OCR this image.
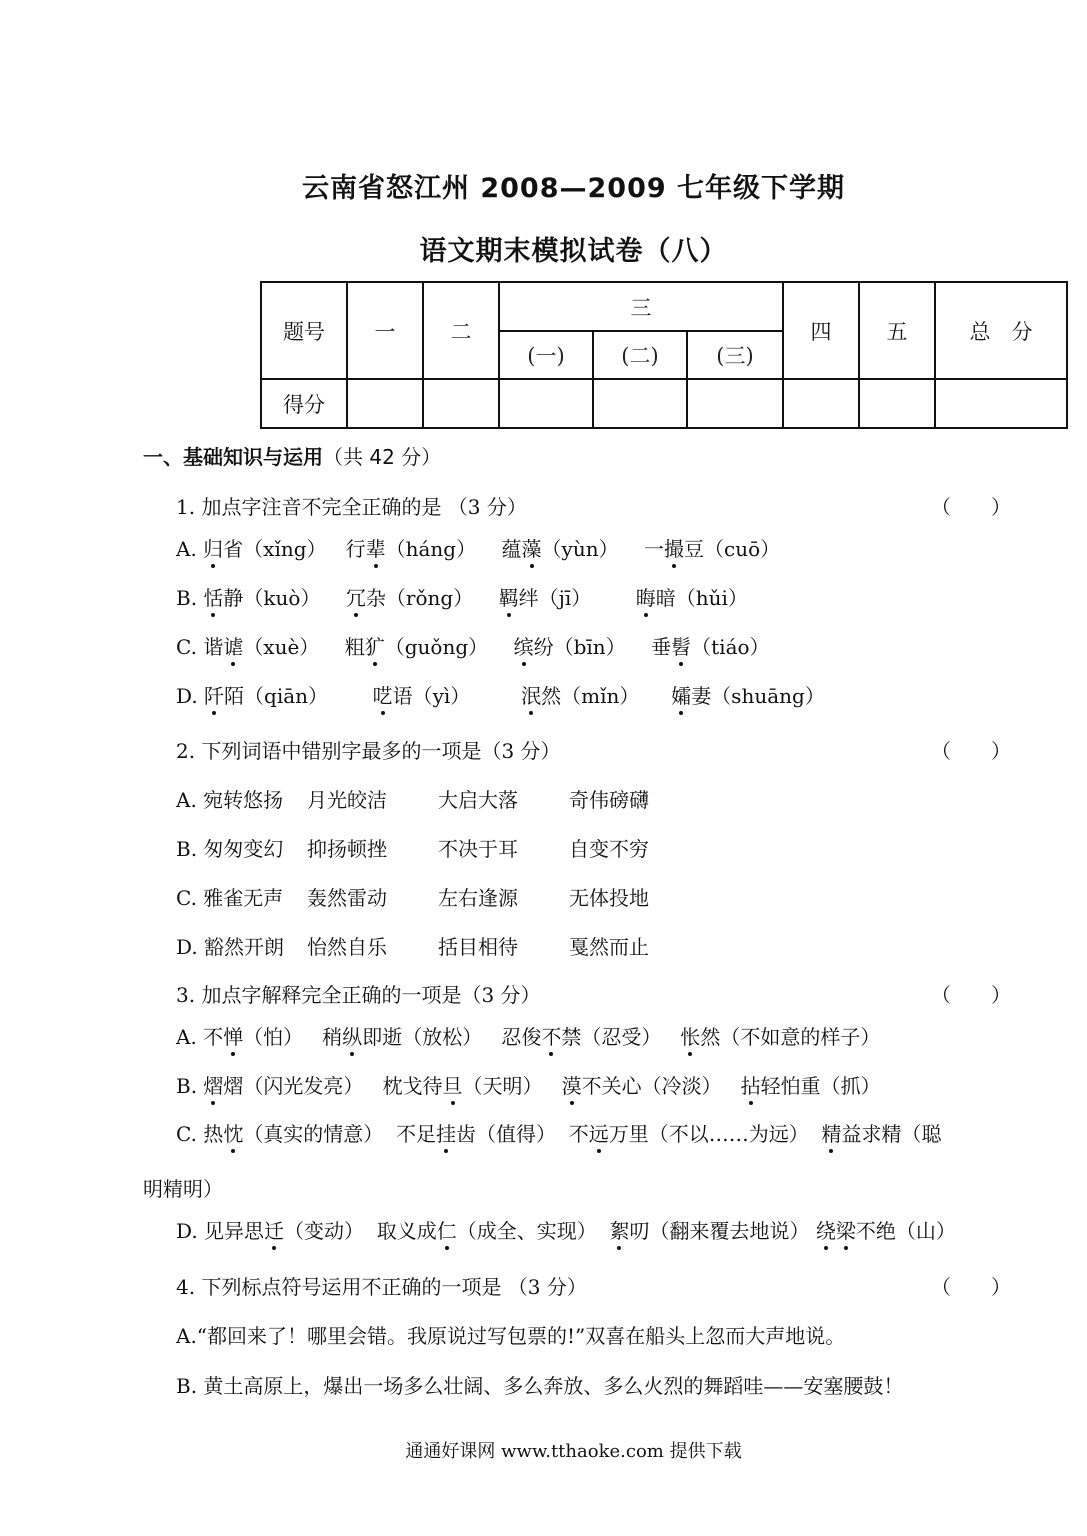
云南省怒江州 2008—2009 七年级下学期
语文期末模拟试卷（八）
题号	一	二	三			四	五	总　分
			(一)	(二)	(三)			
得分								
一、基础知识与运用（共 42 分）
1. 加点字注音不完全正确的是 （3 分）	（　　）
A. 归省（xǐng） 行辈（háng） 蕴藻（yùn） 一撮豆（cuō）
B. 恬静（kuò） 冗杂（rǒng） 羁绊（jī） 晦暗（hǔi）
C. 谐谑（xuè） 粗犷（guǒng） 缤纷（bīn） 垂髫（tiáo）
D. 阡陌（qiān） 呓语（yì）	泯然（mǐn） 孀妻（shuāng）
2. 下列词语中错别字最多的一项是（3 分）	（　　）
A. 宛转悠扬 月光皎洁	大启大落	奇伟磅礴
B. 匆匆变幻 抑扬顿挫	不决于耳	自变不穷
C. 雅雀无声 轰然雷动	左右逢源	无体投地
D. 豁然开朗 怡然自乐	括目相待	戛然而止
3. 加点字解释完全正确的一项是（3 分）	（　　）
A. 不惮（怕） 稍纵即逝（放松） 忍俊不禁（忍受） 怅然（不如意的样子）
B. 熠熠（闪光发亮） 枕戈待旦（天明） 漠不关心（冷淡） 拈轻怕重（抓）
C. 热忱（真实的情意） 不足挂齿（值得） 不远万里（不以……为远） 精益求精（聪
明精明）
D. 见异思迁（变动） 取义成仁（成全、实现） 絮叨（翻来覆去地说） 绕梁不绝（山）
4. 下列标点符号运用不正确的一项是 （3 分）	（　　）
A.“都回来了！哪里会错。我原说过写包票的!”双喜在船头上忽而大声地说。
B. 黄土高原上，爆出一场多么壮阔、多么奔放、多么火烈的舞蹈哇——安塞腰鼓！
通通好课网 www.tthaoke.com 提供下载
